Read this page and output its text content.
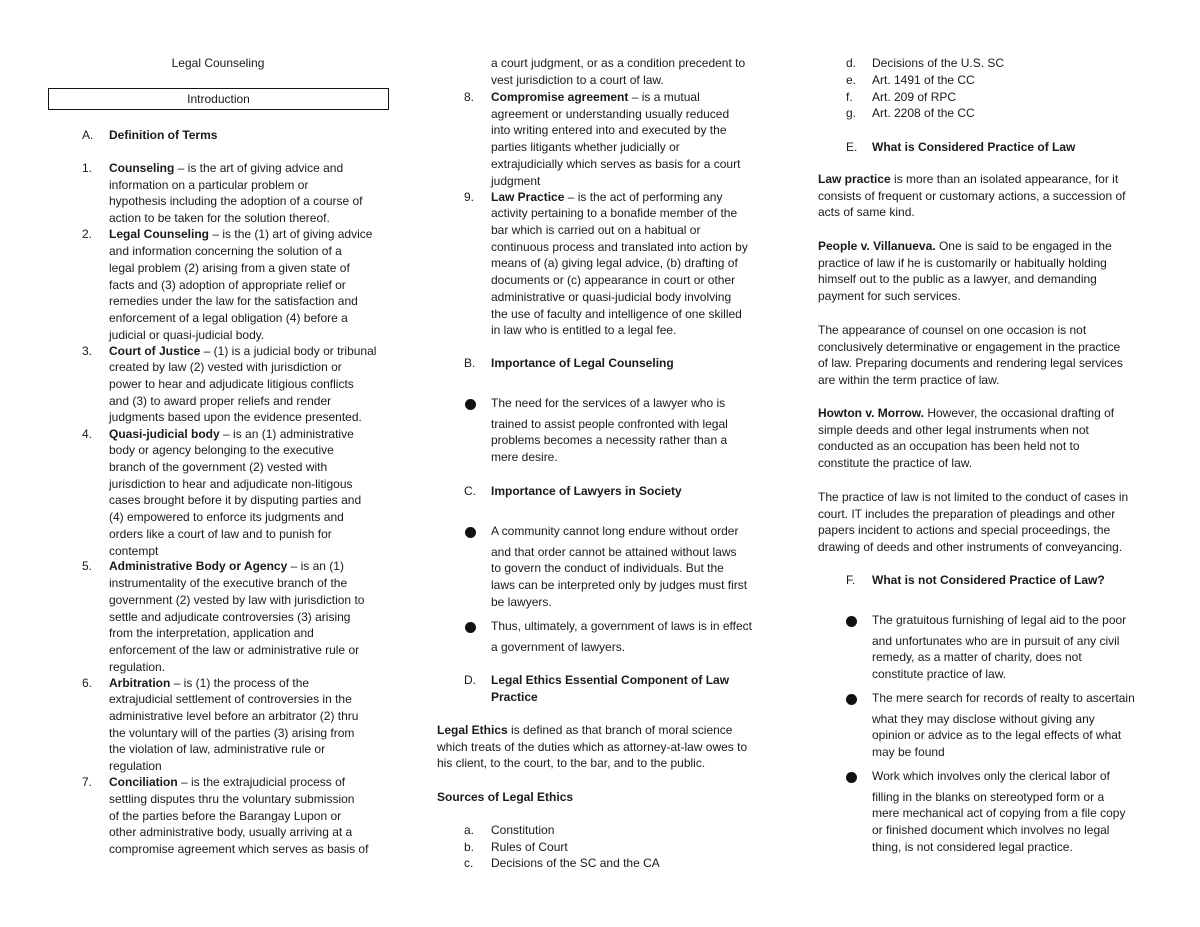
Legal Counseling
Introduction
A. Definition of Terms
1. Counseling – is the art of giving advice and
information on a particular problem or
hypothesis including the adoption of a course of
action to be taken for the solution thereof.
2. Legal Counseling – is the (1) art of giving advice
and information concerning the solution of a
legal problem (2) arising from a given state of
facts and (3) adoption of appropriate relief or
remedies under the law for the satisfaction and
enforcement of a legal obligation (4) before a
judicial or quasi-judicial body.
3. Court of Justice – (1) is a judicial body or tribunal
created by law (2) vested with jurisdiction or
power to hear and adjudicate litigious conflicts
and (3) to award proper reliefs and render
judgments based upon the evidence presented.
4. Quasi-judicial body – is an (1) administrative
body or agency belonging to the executive
branch of the government (2) vested with
jurisdiction to hear and adjudicate non-litigous
cases brought before it by disputing parties and
(4) empowered to enforce its judgments and
orders like a court of law and to punish for
contempt
5. Administrative Body or Agency – is an (1)
instrumentality of the executive branch of the
government (2) vested by law with jurisdiction to
settle and adjudicate controversies (3) arising
from the interpretation, application and
enforcement of the law or administrative rule or
regulation.
6. Arbitration – is (1) the process of the
extrajudicial settlement of controversies in the
administrative level before an arbitrator (2) thru
the voluntary will of the parties (3) arising from
the violation of law, administrative rule or
regulation
7. Conciliation – is the extrajudicial process of
settling disputes thru the voluntary submission
of the parties before the Barangay Lupon or
other administrative body, usually arriving at a
compromise agreement which serves as basis of
a court judgment, or as a condition precedent to
vest jurisdiction to a court of law.
8. Compromise agreement – is a mutual
agreement or understanding usually reduced
into writing entered into and executed by the
parties litigants whether judicially or
extrajudicially which serves as basis for a court
judgment
9. Law Practice – is the act of performing any
activity pertaining to a bonafide member of the
bar which is carried out on a habitual or
continuous process and translated into action by
means of (a) giving legal advice, (b) drafting of
documents or (c) appearance in court or other
administrative or quasi-judicial body involving
the use of faculty and intelligence of one skilled
in law who is entitled to a legal fee.
B. Importance of Legal Counseling
The need for the services of a lawyer who is
trained to assist people confronted with legal
problems becomes a necessity rather than a
mere desire.
C. Importance of Lawyers in Society
A community cannot long endure without order
and that order cannot be attained without laws
to govern the conduct of individuals. But the
laws can be interpreted only by judges must first
be lawyers.
Thus, ultimately, a government of laws is in effect
a government of lawyers.
D. Legal Ethics Essential Component of Law
Practice
Legal Ethics is defined as that branch of moral science
which treats of the duties which as attorney-at-law owes to
his client, to the court, to the bar, and to the public.
Sources of Legal Ethics
a. Constitution
b. Rules of Court
c. Decisions of the SC and the CA
d. Decisions of the U.S. SC
e. Art. 1491 of the CC
f. Art. 209 of RPC
g. Art. 2208 of the CC
E. What is Considered Practice of Law
Law practice is more than an isolated appearance, for it
consists of frequent or customary actions, a succession of
acts of same kind.
People v. Villanueva. One is said to be engaged in the
practice of law if he is customarily or habitually holding
himself out to the public as a lawyer, and demanding
payment for such services.
The appearance of counsel on one occasion is not
conclusively determinative or engagement in the practice
of law. Preparing documents and rendering legal services
are within the term practice of law.
Howton v. Morrow. However, the occasional drafting of
simple deeds and other legal instruments when not
conducted as an occupation has been held not to
constitute the practice of law.
The practice of law is not limited to the conduct of cases in
court. IT includes the preparation of pleadings and other
papers incident to actions and special proceedings, the
drawing of deeds and other instruments of conveyancing.
F. What is not Considered Practice of Law?
The gratuitous furnishing of legal aid to the poor
and unfortunates who are in pursuit of any civil
remedy, as a matter of charity, does not
constitute practice of law.
The mere search for records of realty to ascertain
what they may disclose without giving any
opinion or advice as to the legal effects of what
may be found
Work which involves only the clerical labor of
filling in the blanks on stereotyped form or a
mere mechanical act of copying from a file copy
or finished document which involves no legal
thing, is not considered legal practice.
